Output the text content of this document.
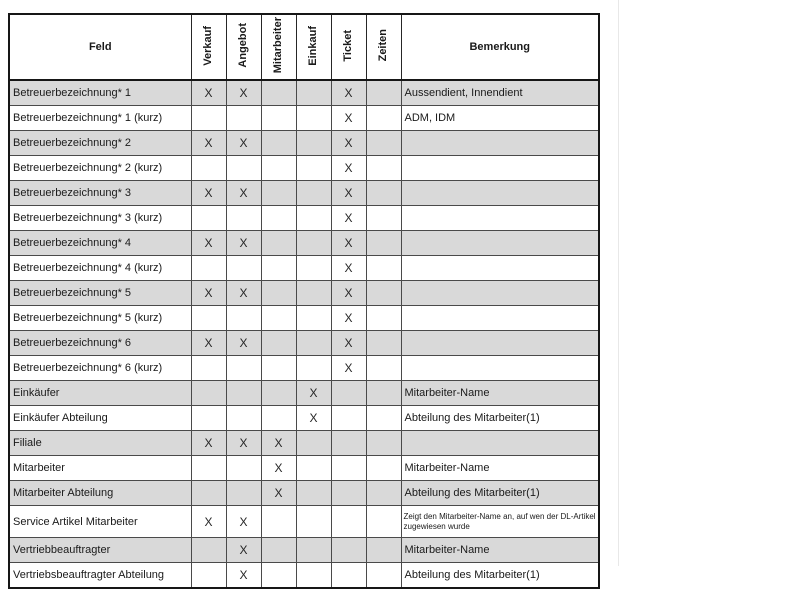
Feld	Verkauf	Angebot	Mitarbeiter	Einkauf	Ticket	Zeiten	Bemerkung
Betreuerbezeichnung* 1	X	X			X		Aussendient, Innendient
Betreuerbezeichnung* 1 (kurz)					X		ADM, IDM
Betreuerbezeichnung* 2	X	X			X		
Betreuerbezeichnung* 2 (kurz)					X		
Betreuerbezeichnung* 3	X	X			X		
Betreuerbezeichnung* 3 (kurz)					X		
Betreuerbezeichnung* 4	X	X			X		
Betreuerbezeichnung* 4 (kurz)					X		
Betreuerbezeichnung* 5	X	X			X		
Betreuerbezeichnung* 5 (kurz)					X		
Betreuerbezeichnung* 6	X	X			X		
Betreuerbezeichnung* 6 (kurz)					X		
Einkäufer				X			Mitarbeiter-Name
Einkäufer Abteilung				X			Abteilung des Mitarbeiter(1)
Filiale	X	X	X				
Mitarbeiter			X				Mitarbeiter-Name
Mitarbeiter Abteilung			X				Abteilung des Mitarbeiter(1)
Service Artikel Mitarbeiter	X	X					Zeigt den Mitarbeiter-Name an, auf wen der DL-Artikel zugewiesen wurde
Vertriebbeauftragter		X					Mitarbeiter-Name
Vertriebsbeauftragter Abteilung		X					Abteilung des Mitarbeiter(1)
